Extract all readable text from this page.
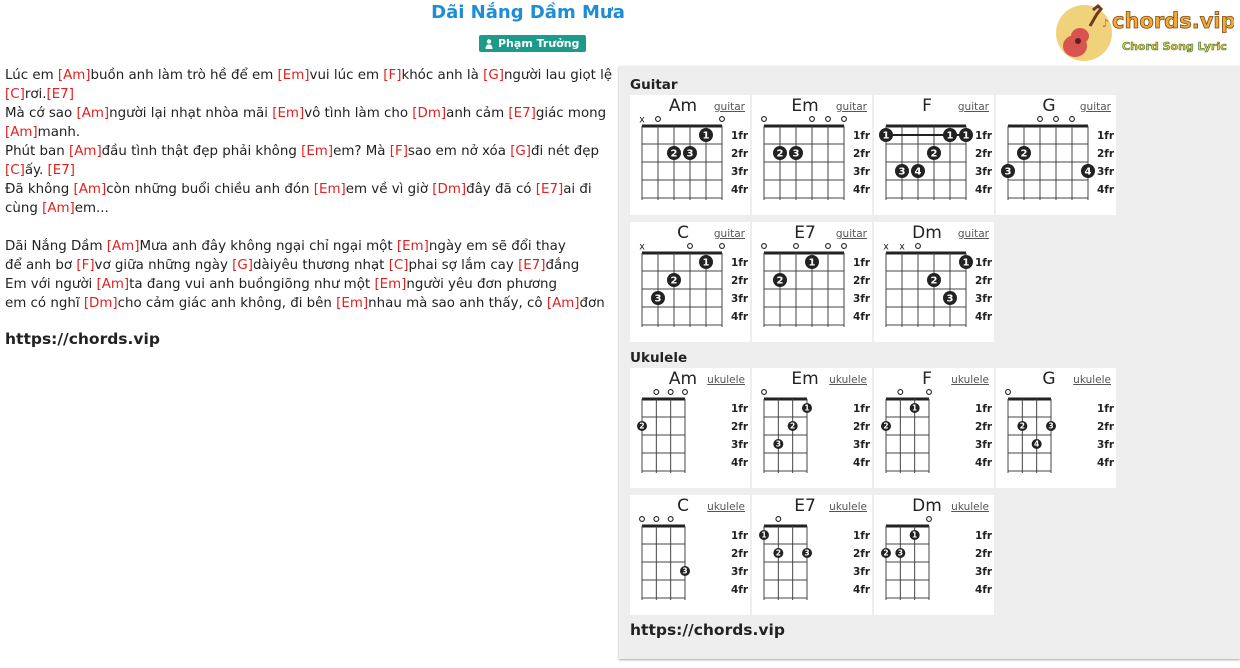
Dãi Nắng Dầm Mưa
Phạm Trưởng
♪ chords.vip
Chord Song Lyric
Lúc em [Am]buồn anh làm trò hề để em [Em]vui lúc em [F]khóc anh là [G]người lau giọt lệ
[C]rơi.[E7]
Mà cớ sao [Am]người lại nhạt nhòa mãi [Em]vô tình làm cho [Dm]anh cảm [E7]giác mong
[Am]manh.
Phút ban [Am]đầu tình thật đẹp phải không [Em]em? Mà [F]sao em nở xóa [G]đi nét đẹp
[C]ấy. [E7]
Đã không [Am]còn những buổi chiều anh đón [Em]em về vì giờ [Dm]đây đã có [E7]ai đi
cùng [Am]em...
Dãi Nắng Dầm [Am]Mưa anh đây không ngại chỉ ngại một [Em]ngày em sẽ đổi thay
để anh bơ [F]vơ giữa những ngày [G]dàiyêu thương nhạt [C]phai sợ lắm cay [E7]đắng
Em với người [Am]ta đang vui anh buồngiõng như một [Em]người yêu đơn phương
em có nghĩ [Dm]cho cảm giác anh không, đi bên [Em]nhau mà sao anh thấy, cô [Am]đơn
https://chords.vip
Guitar
1fr
2fr
3fr
4fr
x
1
2 3
Am	guitar
1fr
2fr
3fr
4fr
2 3
Em	guitar
1fr
2fr
3fr
4fr
1	1 1
2
3 4
F	guitar
1fr
2fr
3fr
4fr
2
3	4
G	guitar
1fr
2fr
3fr
4fr
x
1
2
3
C	guitar
1fr
2fr
3fr
4fr
1
2
E7	guitar
1fr
2fr
3fr
4fr
x x
1
2
3
Dm	guitar
Ukulele
1fr
2fr
3fr
4fr
2
Am ukulele
1fr
2fr
3fr
4fr
1
2
3
Em	ukulele
1fr
2fr
3fr
4fr
1
2
F	ukulele
1fr
2fr
3fr
4fr
2	3
4
G	ukulele
1fr
2fr
3fr
4fr
3
C	ukulele
1fr
2fr
3fr
4fr
1
2	3
E7	ukulele
1fr
2fr
3fr
4fr
1
2 3
Dm ukulele
https://chords.vip
